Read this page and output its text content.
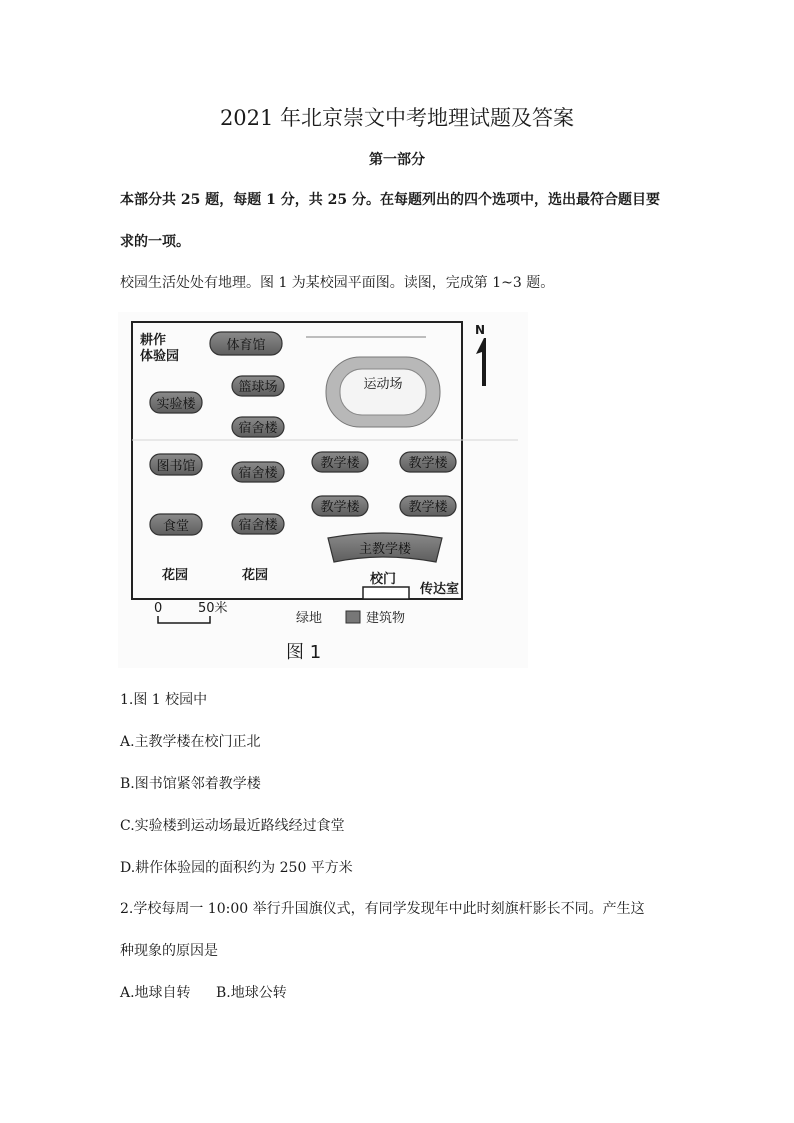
2021 年北京崇文中考地理试题及答案
第一部分
本部分共 25 题，每题 1 分，共 25 分。在每题列出的四个选项中，选出最符合题目要
求的一项。
校园生活处处有地理。图 1 为某校园平面图。读图，完成第 1~3 题。
耕作
体验园
体育馆
实验楼
篮球场
宿舍楼
运动场
图书馆	宿舍楼
教学楼	教学楼
教学楼	教学楼
食堂	宿舍楼
主教学楼
花园	花园	校门
传达室
N
0	50米
绿地	建筑物
图 1
1.图 1 校园中
A.主教学楼在校门正北
B.图书馆紧邻着教学楼
C.实验楼到运动场最近路线经过食堂
D.耕作体验园的面积约为 250 平方米
2.学校每周一 10:00 举行升国旗仪式，有同学发现年中此时刻旗杆影长不同。产生这
种现象的原因是
A.地球自转	B.地球公转
